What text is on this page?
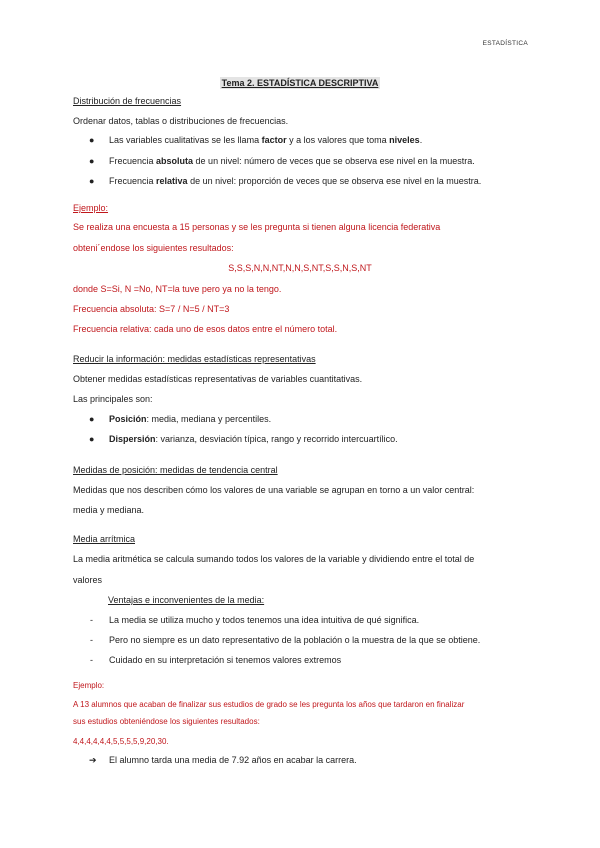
ESTADÍSTICA
Tema 2. ESTADÍSTICA DESCRIPTIVA
Distribución de frecuencias
Ordenar datos, tablas o distribuciones de frecuencias.
● Las variables cualitativas se les llama factor y a los valores que toma niveles.
● Frecuencia absoluta de un nivel: número de veces que se observa ese nivel en la muestra.
● Frecuencia relativa de un nivel: proporción de veces que se observa ese nivel en la muestra.
Ejemplo:
Se realiza una encuesta a 15 personas y se les pregunta si tienen alguna licencia federativa
obteni´endose los siguientes resultados:
S,S,S,N,N,NT,N,N,S,NT,S,S,N,S,NT
donde S=Si, N =No, NT=la tuve pero ya no la tengo.
Frecuencia absoluta: S=7 / N=5 / NT=3
Frecuencia relativa: cada uno de esos datos entre el número total.
Reducir la información: medidas estadísticas representativas
Obtener medidas estadísticas representativas de variables cuantitativas.
Las principales son:
● Posición: media, mediana y percentiles.
● Dispersión: varianza, desviación típica, rango y recorrido intercuartílico.
Medidas de posición: medidas de tendencia central
Medidas que nos describen cómo los valores de una variable se agrupan en torno a un valor central:
media y mediana.
Media arrítmica
La media aritmética se calcula sumando todos los valores de la variable y dividiendo entre el total de
valores
Ventajas e inconvenientes de la media:
- La media se utiliza mucho y todos tenemos una idea intuitiva de qué significa.
- Pero no siempre es un dato representativo de la población o la muestra de la que se obtiene.
- Cuidado en su interpretación si tenemos valores extremos
Ejemplo:
A 13 alumnos que acaban de finalizar sus estudios de grado se les pregunta los años que tardaron en finalizar
sus estudios obteniéndose los siguientes resultados:
4,4,4,4,4,4,5,5,5,5,9,20,30.
➔ El alumno tarda una media de 7.92 años en acabar la carrera.
